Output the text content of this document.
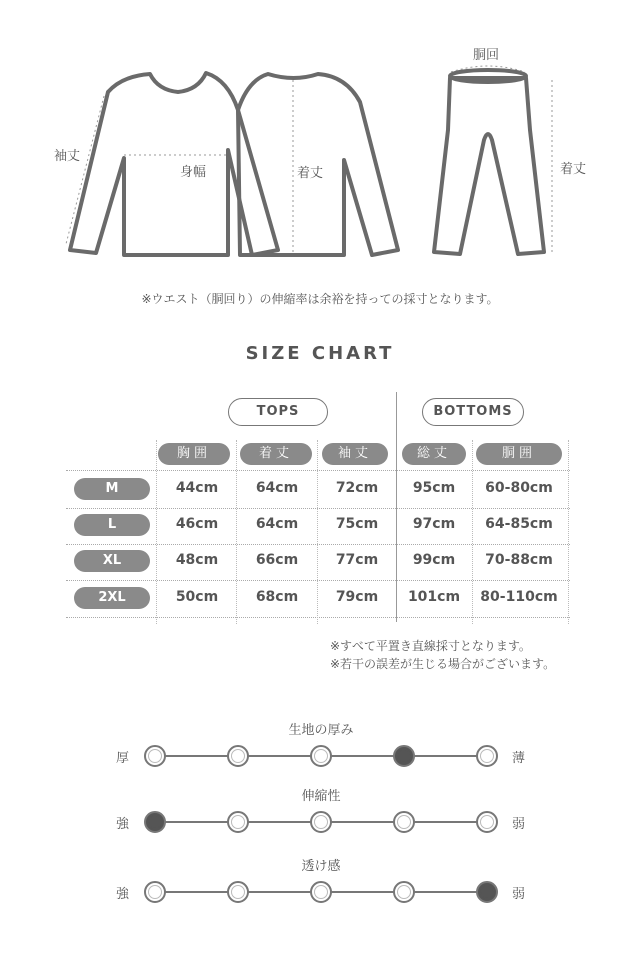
袖丈
身幅	着丈
胴回
着丈
※ウエスト（胴回り）の伸縮率は余裕を持っての採寸となります。
SIZE CHART
TOPS	BOTTOMS
胸囲	着丈	袖丈	総丈	胴囲
M	44cm	64cm	72cm	95cm	60-80cm
L	46cm	64cm	75cm	97cm	64-85cm
XL	48cm	66cm	77cm	99cm	70-88cm
2XL	50cm	68cm	79cm	101cm	80-110cm
※すべて平置き直線採寸となります。
※若干の誤差が生じる場合がございます。
生地の厚み
厚	薄
伸縮性
強	弱
透け感
強	弱
